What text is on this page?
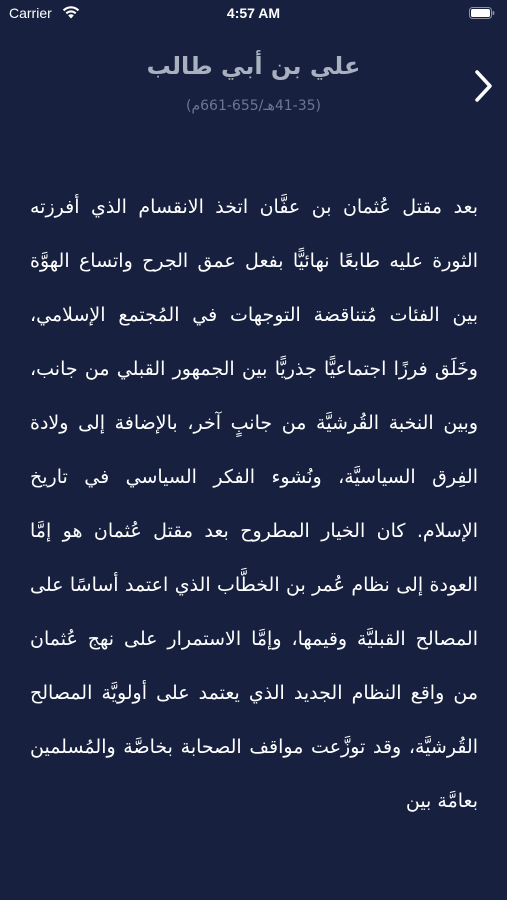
Carrier	4:57 AM
علي بن أبي طالب
(41-35هـ/655-661م)

بعد مقتل عُثمان بن عفَّان اتخذ الانقسام الذي أفرزته الثورة عليه طابعًا نهائيًّا بفعل عمق الجرح واتساع الهوَّة بين الفئات مُتناقضة التوجهات في المُجتمع الإسلامي، وخَلَق فرزًا اجتماعيًّا جذريًّا بين الجمهور القبلي من جانب، وبين النخبة القُرشيَّة من جانبٍ آخر، بالإضافة إلى ولادة الفِرق السياسيَّة، ونُشوء الفكر السياسي في تاريخ الإسلام. كان الخيار المطروح بعد مقتل عُثمان هو إمَّا العودة إلى نظام عُمر بن الخطَّاب الذي اعتمد أساسًا على المصالح القبليَّة وقيمها، وإمَّا الاستمرار على نهج عُثمان من واقع النظام الجديد الذي يعتمد على أولويَّة المصالح القُرشيَّة، وقد توزَّعت مواقف الصحابة بخاصَّة والمُسلمين بعامَّة بين
